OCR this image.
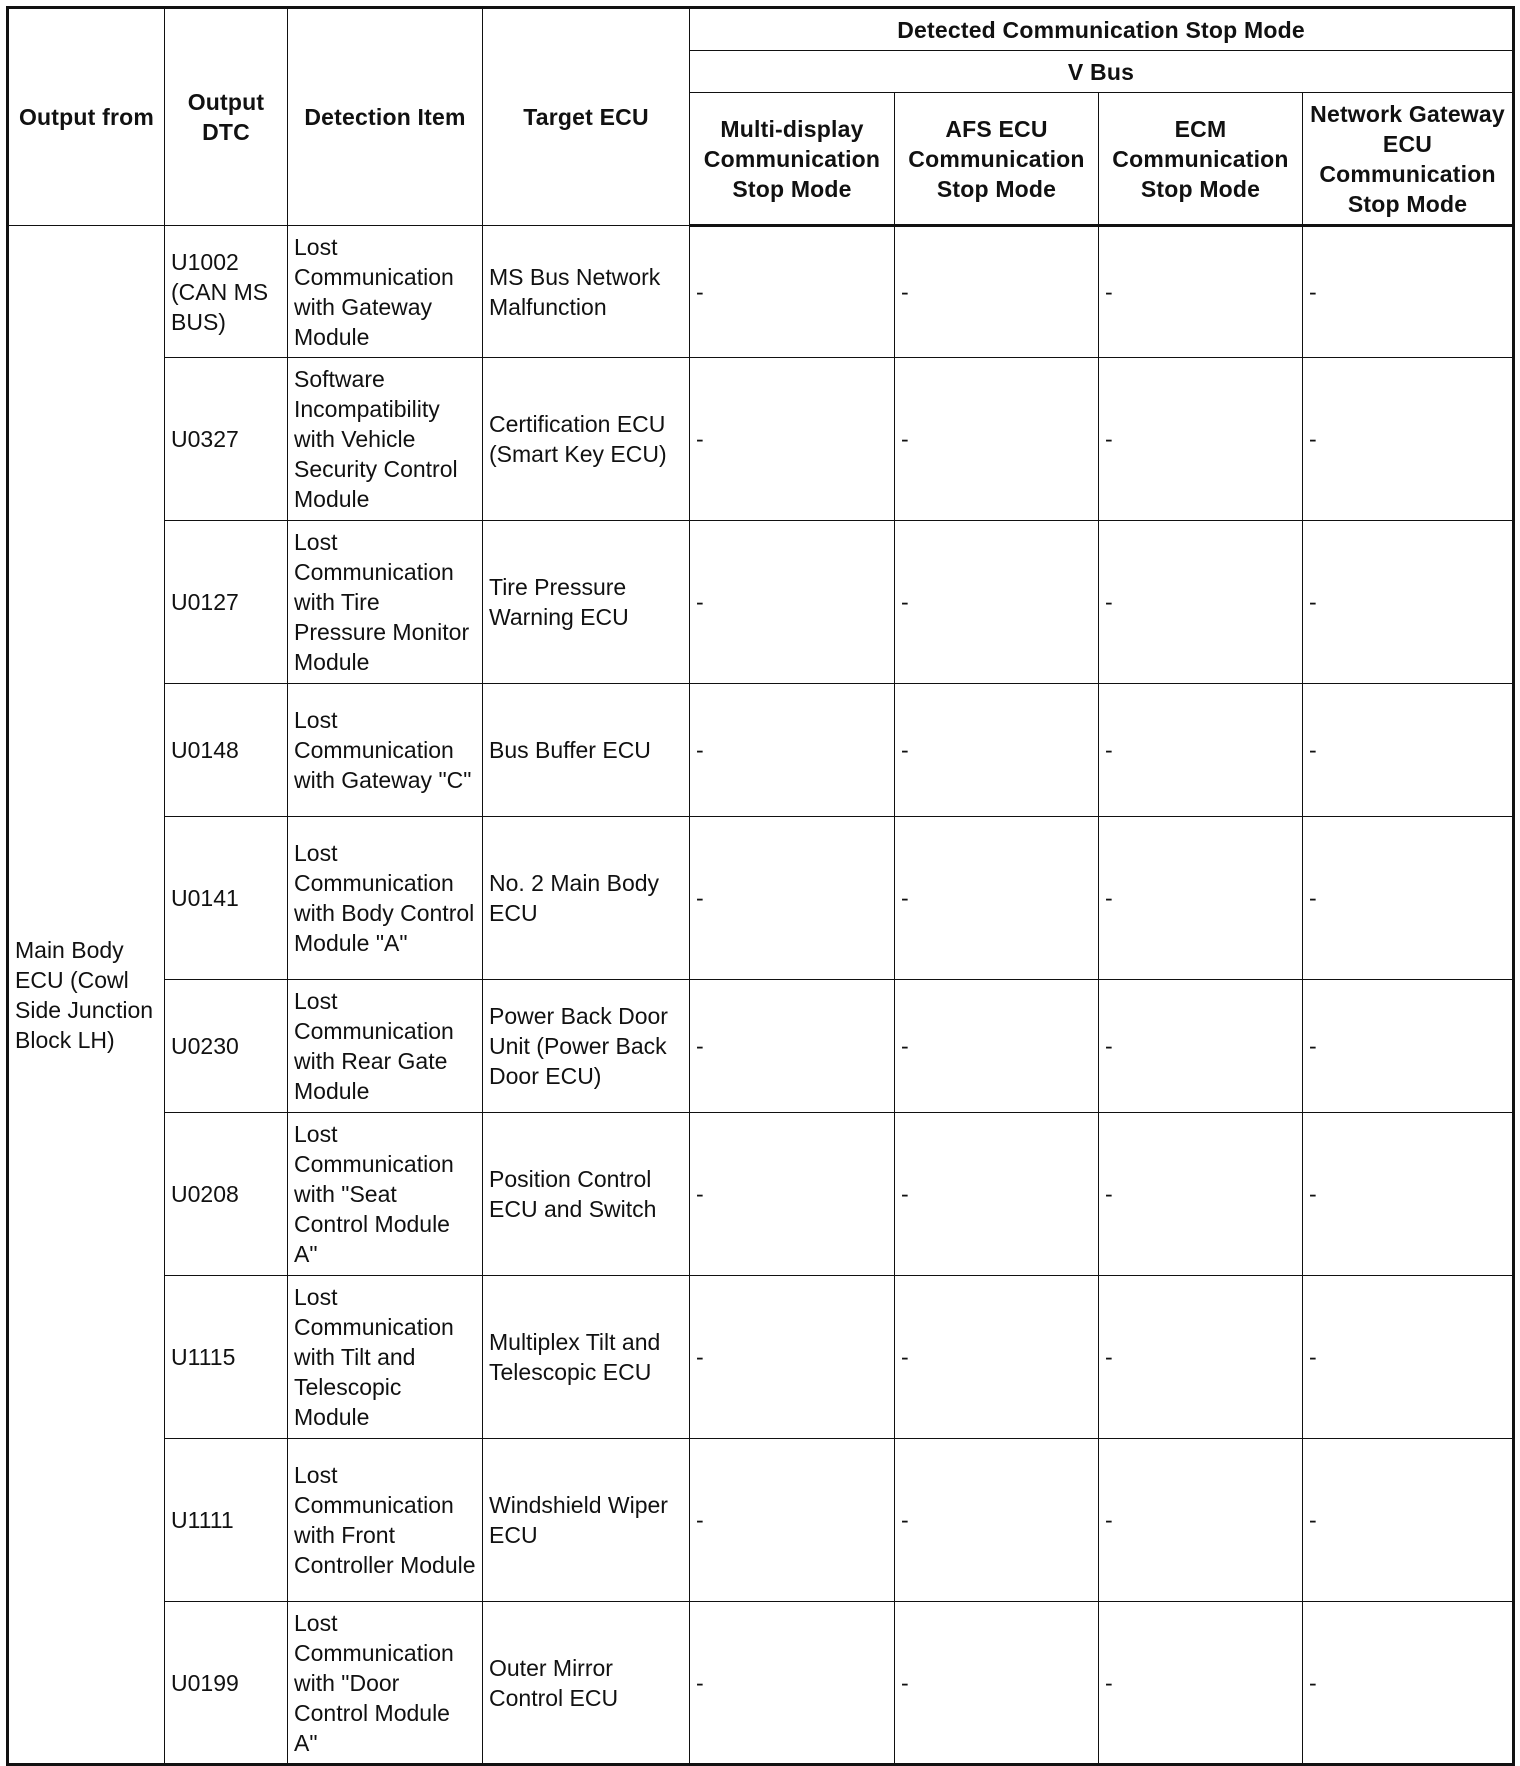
Output from	Output DTC	Detection Item	Target ECU	Detected Communication Stop Mode			
				V Bus			
				Multi-display Communication Stop Mode	AFS ECU Communication Stop Mode	ECM Communication Stop Mode	Network Gateway ECU Communication Stop Mode
Main Body ECU (Cowl Side Junction Block LH)	U1002 (CAN MS BUS)	Lost Communication with Gateway Module	MS Bus Network Malfunction	-	-	-	-
	U0327	Software Incompatibility with Vehicle Security Control Module	Certification ECU (Smart Key ECU)	-	-	-	-
	U0127	Lost Communication with Tire Pressure Monitor Module	Tire Pressure Warning ECU	-	-	-	-
	U0148	Lost Communication with Gateway "C"	Bus Buffer ECU	-	-	-	-
	U0141	Lost Communication with Body Control Module "A"	No. 2 Main Body ECU	-	-	-	-
	U0230	Lost Communication with Rear Gate Module	Power Back Door Unit (Power Back Door ECU)	-	-	-	-
	U0208	Lost Communication with "Seat Control Module A"	Position Control ECU and Switch	-	-	-	-
	U1115	Lost Communication with Tilt and Telescopic Module	Multiplex Tilt and Telescopic ECU	-	-	-	-
	U1111	Lost Communication with Front Controller Module	Windshield Wiper ECU	-	-	-	-
	U0199	Lost Communication with "Door Control Module A"	Outer Mirror Control ECU	-	-	-	-
